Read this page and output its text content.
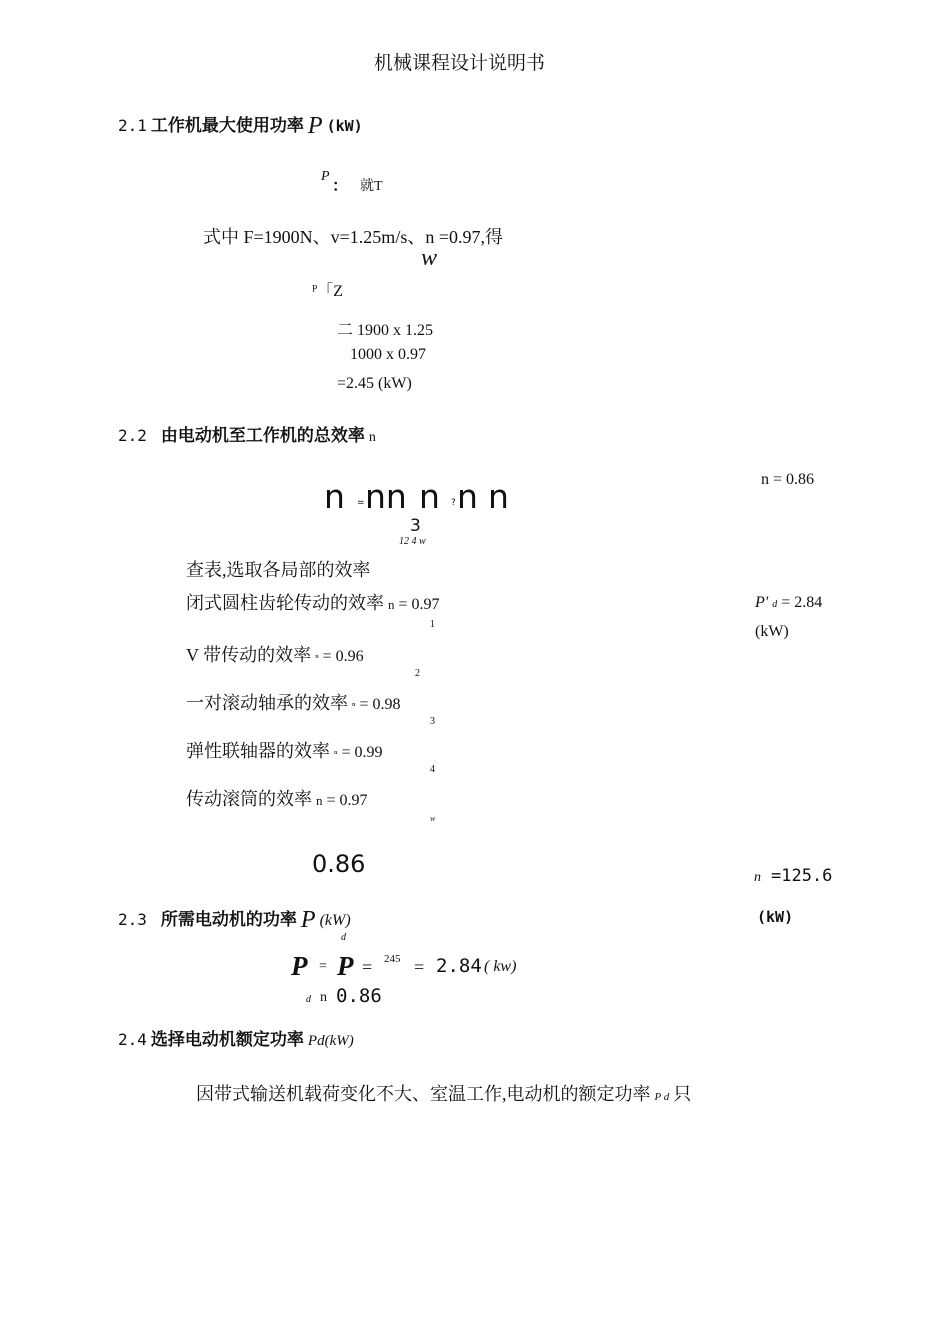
机械课程设计说明书
2.1 工作机最大使用功率 P (kW)
P ： 就T
式中 F=1900N、v=1.25m/s、n =0.97,得
w
ᴾ「Z
二 1900 x 1.25
1000 x 0.97
=2.45 (kW)
2.2 由电动机至工作机的总效率 n
n = 0.86
n = nn n ? n n
3
12 4 w
查表,选取各局部的效率
闭式圆柱齿轮传动的效率 n = 0.97
1
V 带传动的效率 ⁿ = 0.96
2
一对滚动轴承的效率 ⁿ = 0.98
3
弹性联轴器的效率 ⁿ = 0.99
4
传动滚筒的效率 n = 0.97
w
P' d = 2.84
(kW)
0.86	n =125.6
(kW)
2.3 所需电动机的功率 P (kW)
d
P = P = 245 = 2.84 ( kw)
d n 0.86
2.4 选择电动机额定功率 Pd(kW)
因带式输送机载荷变化不大、室温工作,电动机的额定功率 P d 只
